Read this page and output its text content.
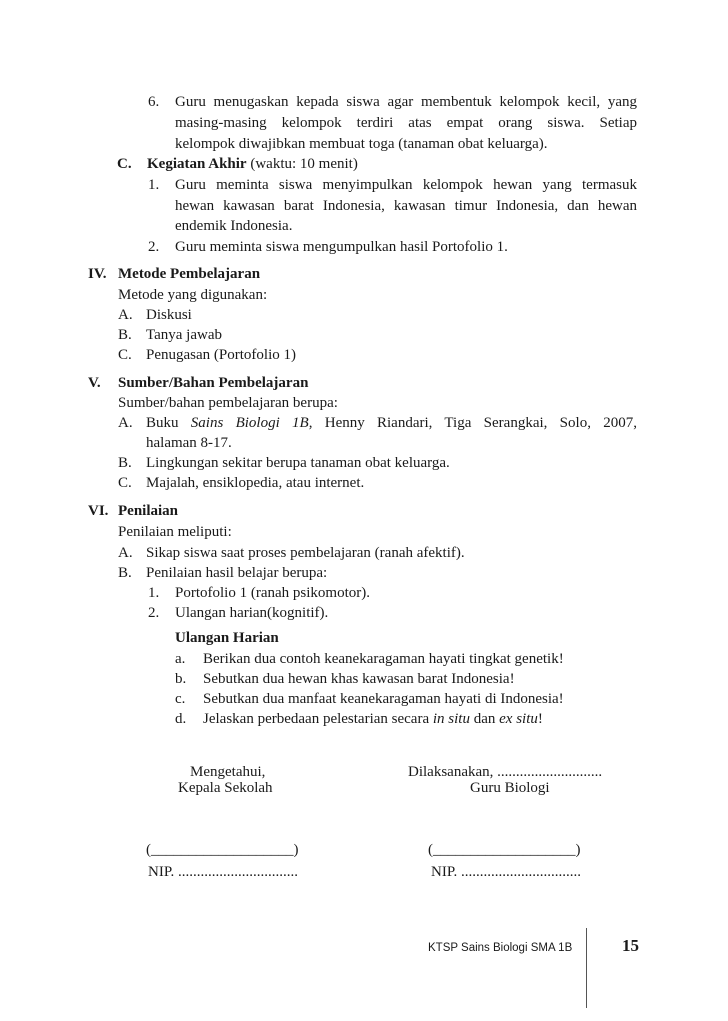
6. Guru menugaskan kepada siswa agar membentuk kelompok kecil, yang
masing-masing kelompok terdiri atas empat orang siswa. Setiap
kelompok diwajibkan membuat toga (tanaman obat keluarga).
C. Kegiatan Akhir (waktu: 10 menit)
1. Guru meminta siswa menyimpulkan kelompok hewan yang termasuk
hewan kawasan barat Indonesia, kawasan timur Indonesia, dan hewan
endemik Indonesia.
2. Guru meminta siswa mengumpulkan hasil Portofolio 1.
IV. Metode Pembelajaran
Metode yang digunakan:
A. Diskusi
B. Tanya jawab
C. Penugasan (Portofolio 1)
V. Sumber/Bahan Pembelajaran
Sumber/bahan pembelajaran berupa:
A. Buku Sains Biologi 1B, Henny Riandari, Tiga Serangkai, Solo, 2007,
halaman 8-17.
B. Lingkungan sekitar berupa tanaman obat keluarga.
C. Majalah, ensiklopedia, atau internet.
VI. Penilaian
Penilaian meliputi:
A. Sikap siswa saat proses pembelajaran (ranah afektif).
B. Penilaian hasil belajar berupa:
1. Portofolio 1 (ranah psikomotor).
2. Ulangan harian(kognitif).
Ulangan Harian
a. Berikan dua contoh keanekaragaman hayati tingkat genetik!
b. Sebutkan dua hewan khas kawasan barat Indonesia!
c. Sebutkan dua manfaat keanekaragaman hayati di Indonesia!
d. Jelaskan perbedaan pelestarian secara in situ dan ex situ!
Mengetahui,
Kepala Sekolah
Dilaksanakan, ............................
Guru Biologi
(___________________)
NIP. ................................
(___________________)
NIP. ................................
KTSP Sains Biologi SMA 1B	15
